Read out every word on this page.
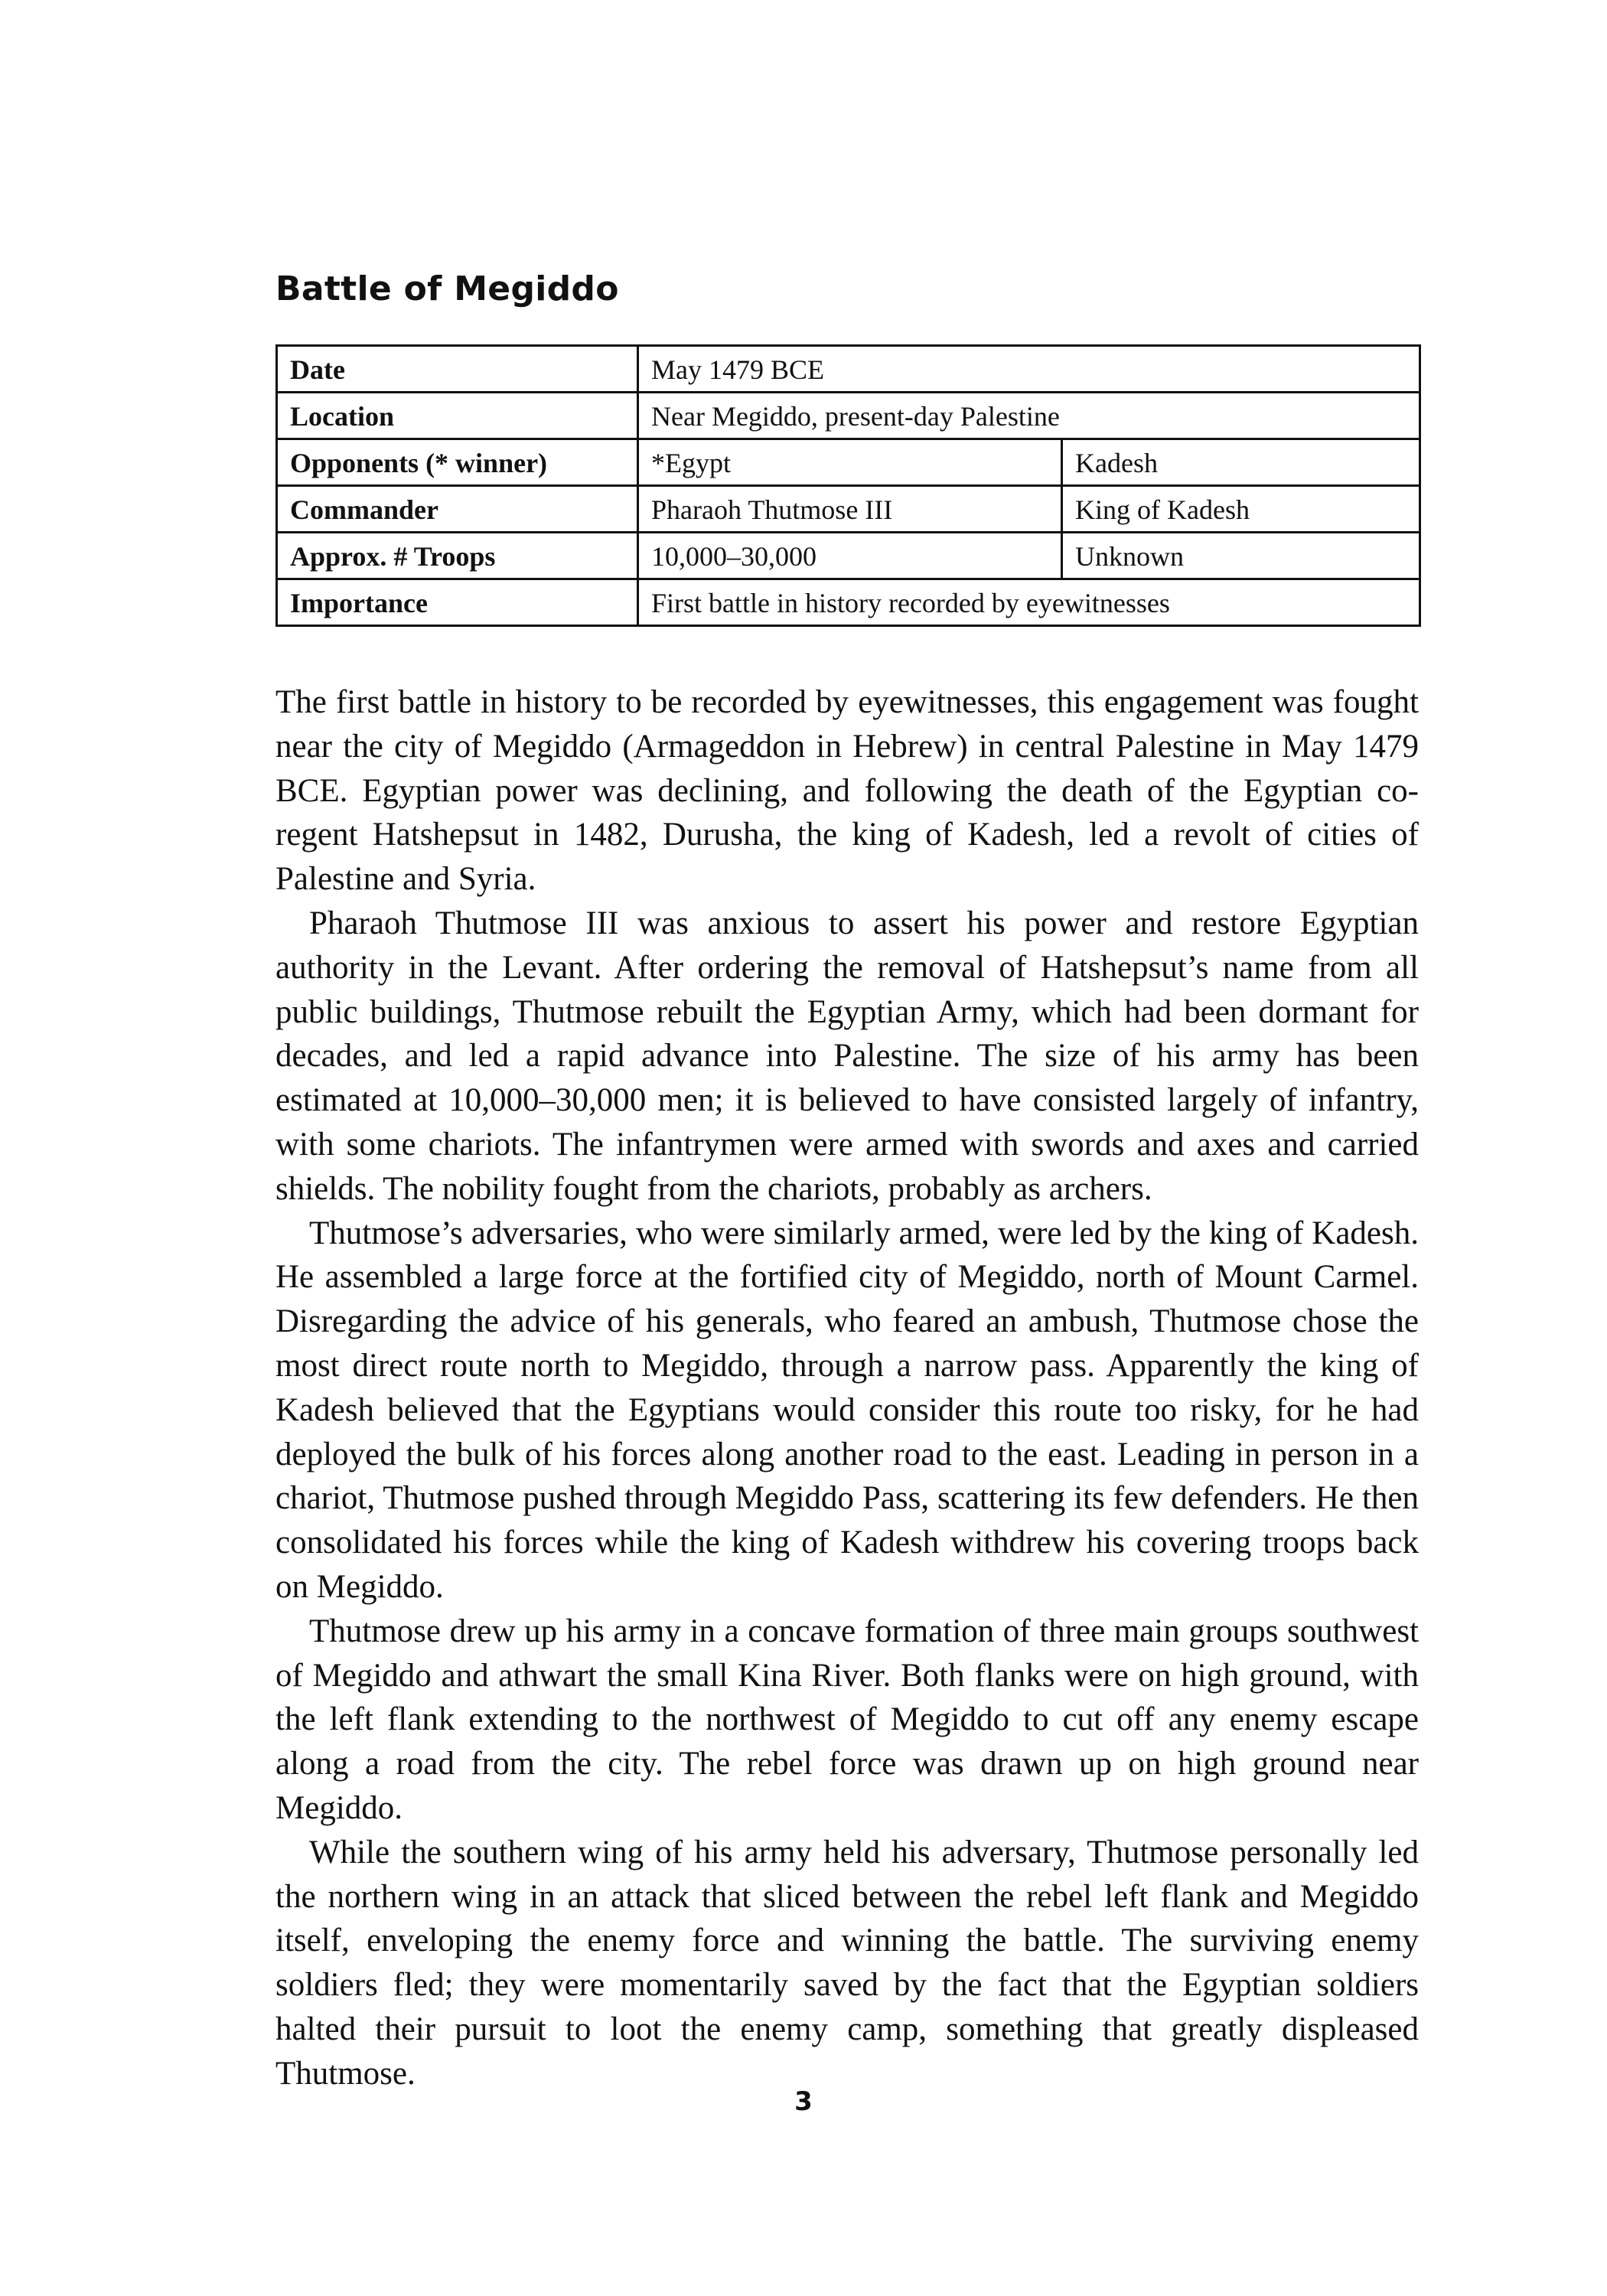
Battle of Megiddo
Date	May 1479 BCE	
Location	Near Megiddo, present-day Palestine	
Opponents (* winner)	*Egypt	Kadesh
Commander	Pharaoh Thutmose III	King of Kadesh
Approx. # Troops	10,000–30,000	Unknown
Importance	First battle in history recorded by eyewitnesses	

The first battle in history to be recorded by eyewitnesses, this engagement was fought near the city of Megiddo (Armageddon in Hebrew) in central Palestine in May 1479 BCE. Egyptian power was declining, and following the death of the Egyptian co-regent Hatshepsut in 1482, Durusha, the king of Kadesh, led a revolt of cities of Palestine and Syria.

Pharaoh Thutmose III was anxious to assert his power and restore Egyptian authority in the Levant. After ordering the removal of Hatshepsut’s name from all public buildings, Thutmose rebuilt the Egyptian Army, which had been dormant for decades, and led a rapid advance into Palestine. The size of his army has been estimated at 10,000–30,000 men; it is believed to have consisted largely of infantry, with some chariots. The infantrymen were armed with swords and axes and carried shields. The nobility fought from the chariots, probably as archers.

Thutmose’s adversaries, who were similarly armed, were led by the king of Kadesh. He assembled a large force at the fortified city of Megiddo, north of Mount Carmel. Disregarding the advice of his generals, who feared an ambush, Thutmose chose the most direct route north to Megiddo, through a narrow pass. Apparently the king of Kadesh believed that the Egyptians would consider this route too risky, for he had deployed the bulk of his forces along another road to the east. Leading in person in a chariot, Thutmose pushed through Megiddo Pass, scattering its few defenders. He then consolidated his forces while the king of Kadesh withdrew his covering troops back on Megiddo.

Thutmose drew up his army in a concave formation of three main groups southwest of Megiddo and athwart the small Kina River. Both flanks were on high ground, with the left flank extending to the northwest of Megiddo to cut off any enemy escape along a road from the city. The rebel force was drawn up on high ground near Megiddo.

While the southern wing of his army held his adversary, Thutmose personally led the northern wing in an attack that sliced between the rebel left flank and Megiddo itself, enveloping the enemy force and winning the battle. The surviving enemy soldiers fled; they were momentarily saved by the fact that the Egyptian soldiers halted their pursuit to loot the enemy camp, something that greatly displeased Thutmose.

3
